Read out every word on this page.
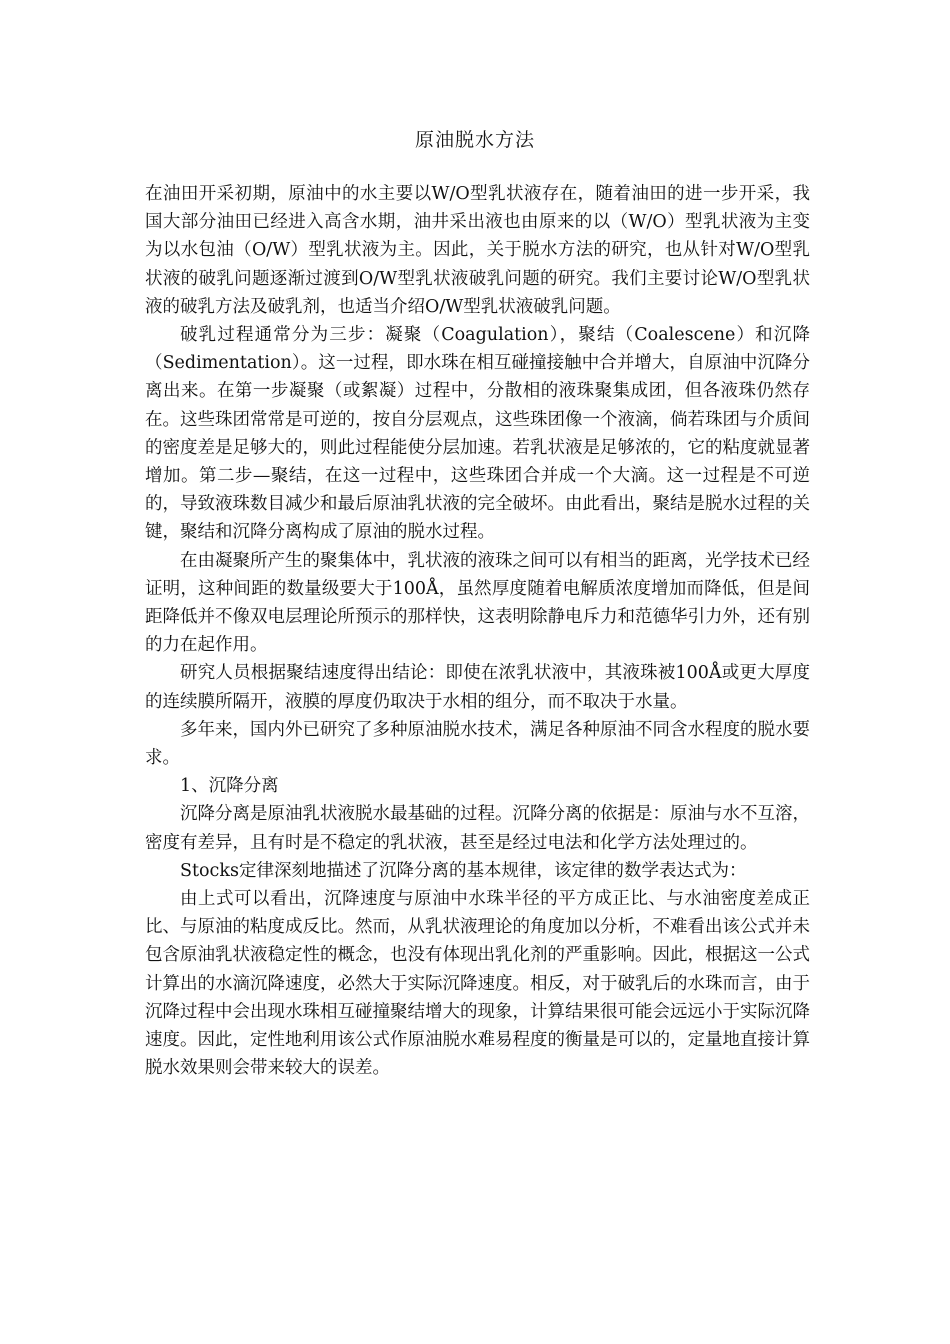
原油脱水方法

在油田开采初期，原油中的水主要以W/O型乳状液存在，随着油田的进一步开采，我国大部分油田已经进入高含水期，油井采出液也由原来的以（W/O）型乳状液为主变为以水包油（O/W）型乳状液为主。因此，关于脱水方法的研究，也从针对W/O型乳状液的破乳问题逐渐过渡到O/W型乳状液破乳问题的研究。我们主要讨论W/O型乳状液的破乳方法及破乳剂，也适当介绍O/W型乳状液破乳问题。

破乳过程通常分为三步：凝聚（Coagulation），聚结（Coalescene）和沉降（Sedimentation）。这一过程，即水珠在相互碰撞接触中合并增大，自原油中沉降分离出来。在第一步凝聚（或絮凝）过程中，分散相的液珠聚集成团，但各液珠仍然存在。这些珠团常常是可逆的，按自分层观点，这些珠团像一个液滴，倘若珠团与介质间的密度差是足够大的，则此过程能使分层加速。若乳状液是足够浓的，它的粘度就显著增加。第二步—聚结，在这一过程中，这些珠团合并成一个大滴。这一过程是不可逆的，导致液珠数目减少和最后原油乳状液的完全破坏。由此看出，聚结是脱水过程的关键，聚结和沉降分离构成了原油的脱水过程。

在由凝聚所产生的聚集体中，乳状液的液珠之间可以有相当的距离，光学技术已经证明，这种间距的数量级要大于100Å，虽然厚度随着电解质浓度增加而降低，但是间距降低并不像双电层理论所预示的那样快，这表明除静电斥力和范德华引力外，还有别的力在起作用。

研究人员根据聚结速度得出结论：即使在浓乳状液中，其液珠被100Å或更大厚度的连续膜所隔开，液膜的厚度仍取决于水相的组分，而不取决于水量。

多年来，国内外已研究了多种原油脱水技术，满足各种原油不同含水程度的脱水要求。

1、沉降分离

沉降分离是原油乳状液脱水最基础的过程。沉降分离的依据是：原油与水不互溶，密度有差异，且有时是不稳定的乳状液，甚至是经过电法和化学方法处理过的。

Stocks定律深刻地描述了沉降分离的基本规律，该定律的数学表达式为：

由上式可以看出，沉降速度与原油中水珠半径的平方成正比、与水油密度差成正比、与原油的粘度成反比。然而，从乳状液理论的角度加以分析，不难看出该公式并未包含原油乳状液稳定性的概念，也没有体现出乳化剂的严重影响。因此，根据这一公式计算出的水滴沉降速度，必然大于实际沉降速度。相反，对于破乳后的水珠而言，由于沉降过程中会出现水珠相互碰撞聚结增大的现象，计算结果很可能会远远小于实际沉降速度。因此，定性地利用该公式作原油脱水难易程度的衡量是可以的，定量地直接计算脱水效果则会带来较大的误差。
